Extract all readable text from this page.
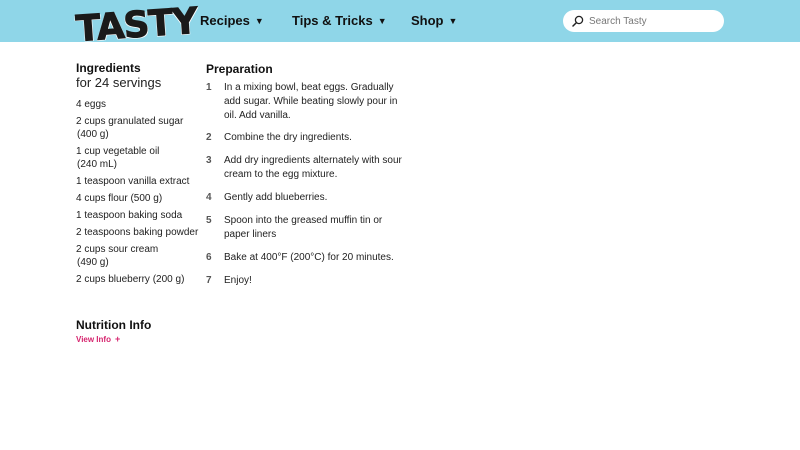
TASTY Recipes ▼ Tips & Tricks ▼ Shop ▼
Search Tasty
Ingredients
for 24 servings
4 eggs
2 cups granulated sugar
(400 g)
1 cup vegetable oil
(240 mL)
1 teaspoon vanilla extract
4 cups flour (500 g)
1 teaspoon baking soda
2 teaspoons baking powder
2 cups sour cream
(490 g)
2 cups blueberry (200 g)
Nutrition Info
View Info +
Preparation
1 In a mixing bowl, beat eggs. Gradually add sugar. While beating slowly pour in oil. Add vanilla.
2 Combine the dry ingredients.
3 Add dry ingredients alternately with sour cream to the egg mixture.
4 Gently add blueberries.
5 Spoon into the greased muffin tin or paper liners
6 Bake at 400°F (200°C) for 20 minutes.
7 Enjoy!
